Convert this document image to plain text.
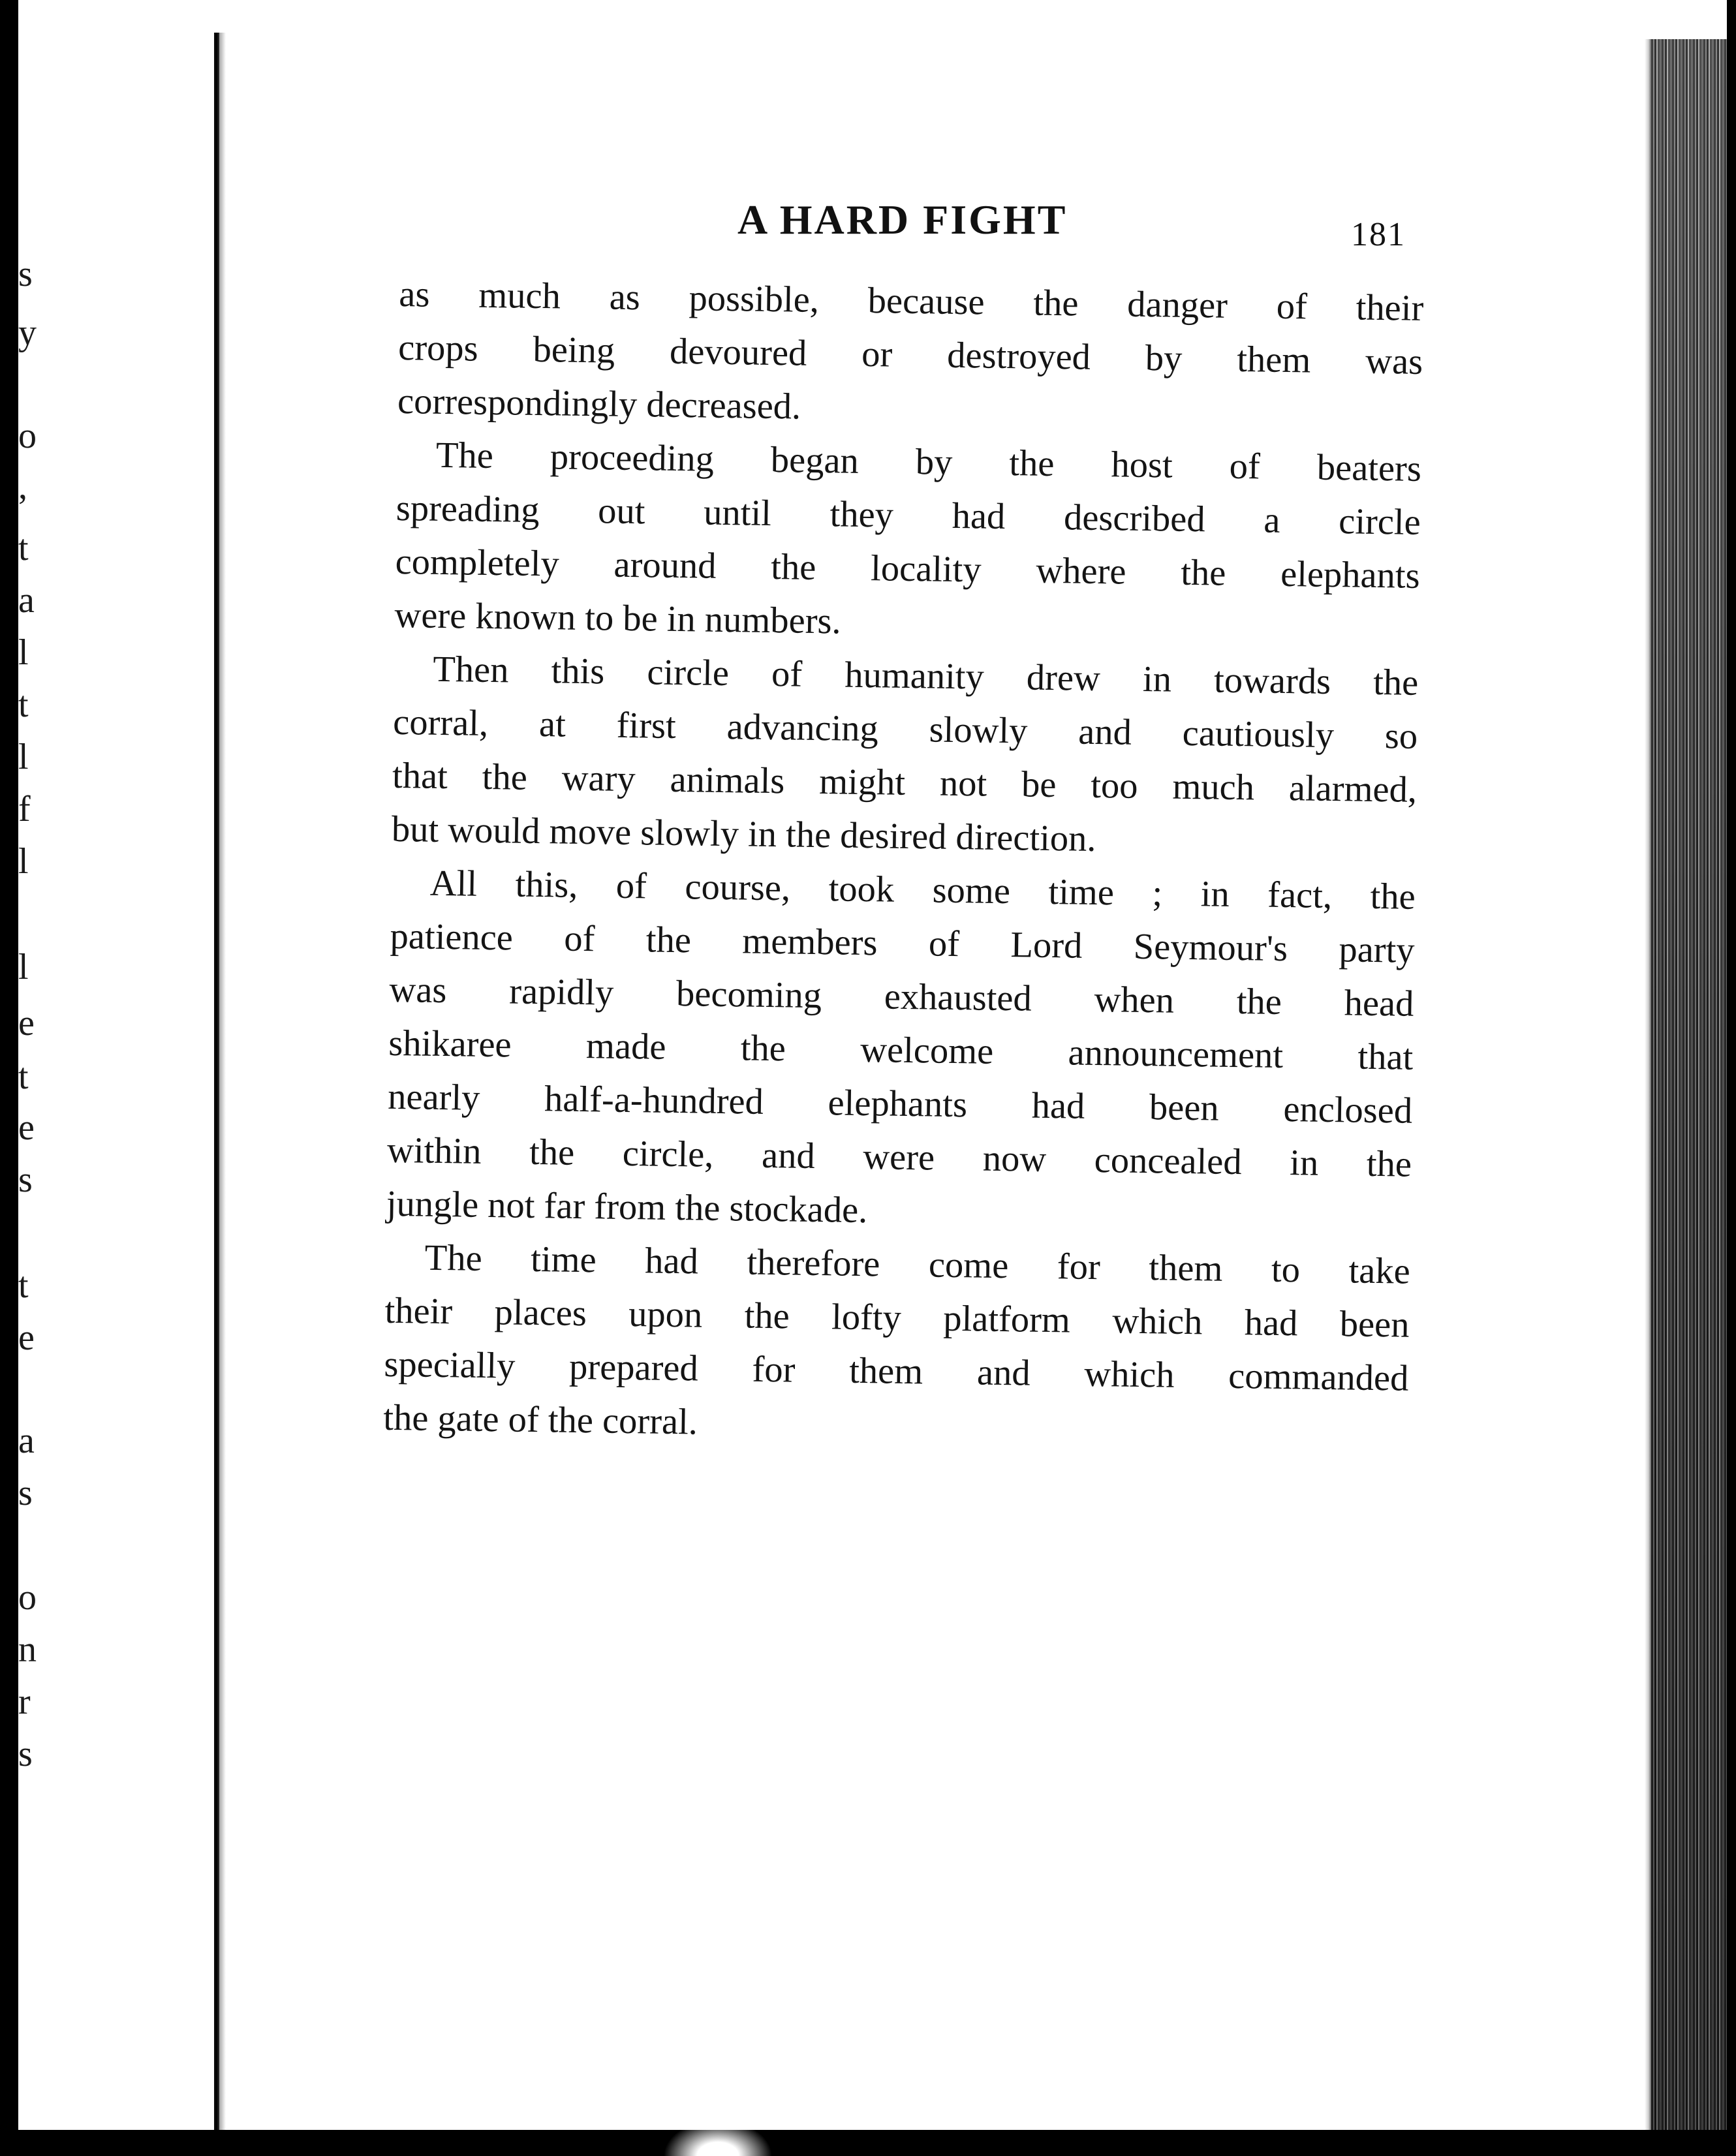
s
y
o
,
t
a
l
t
l
f
l
l
e
t
e
s
t
e
a
s
o
n
r
s
A HARD FIGHT	181
as much as possible, because the danger of their
crops being devoured or destroyed by them was
correspondingly decreased.
The proceeding began by the host of beaters
spreading out until they had described a circle
completely around the locality where the elephants
were known to be in numbers.
Then this circle of humanity drew in towards the
corral, at first advancing slowly and cautiously so
that the wary animals might not be too much alarmed,
but would move slowly in the desired direction.
All this, of course, took some time ; in fact, the
patience of the members of Lord Seymour's party
was rapidly becoming exhausted when the head
shikaree made the welcome announcement that
nearly half-a-hundred elephants had been enclosed
within the circle, and were now concealed in the
jungle not far from the stockade.
The time had therefore come for them to take
their places upon the lofty platform which had been
specially prepared for them and which commanded
the gate of the corral.
